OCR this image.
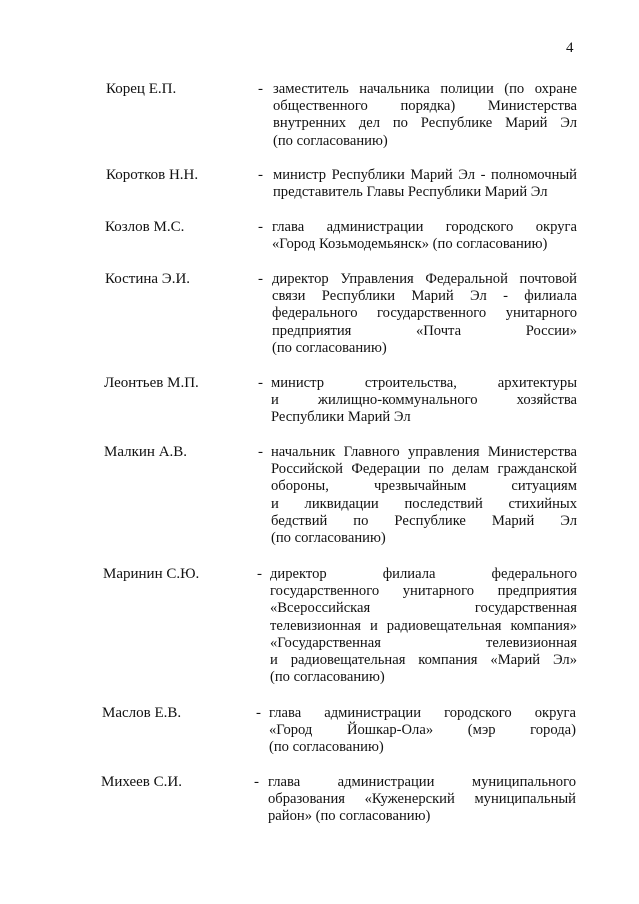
4
Корец Е.П.	- заместитель начальника полиции (по охране
общественного порядка) Министерства
внутренних дел по Республике Марий Эл
(по согласованию)
Коротков Н.Н.	- министр Республики Марий Эл - полномочный
представитель Главы Республики Марий Эл
Козлов М.С.	- глава администрации городского округа
«Город Козьмодемьянск» (по согласованию)
Костина Э.И.	- директор Управления Федеральной почтовой
связи Республики Марий Эл - филиала
федерального государственного унитарного
предприятия «Почта России»
(по согласованию)
Леонтьев М.П.	- министр строительства, архитектуры
и жилищно-коммунального хозяйства
Республики Марий Эл
Малкин А.В.	- начальник Главного управления Министерства
Российской Федерации по делам гражданской
обороны, чрезвычайным ситуациям
и ликвидации последствий стихийных
бедствий по Республике Марий Эл
(по согласованию)
Маринин С.Ю.	- директор филиала федерального
государственного унитарного предприятия
«Всероссийская государственная
телевизионная и радиовещательная компания»
«Государственная телевизионная
и радиовещательная компания «Марий Эл»
(по согласованию)
Маслов Е.В.	- глава администрации городского округа
«Город Йошкар-Ола» (мэр города)
(по согласованию)
Михеев С.И.	- глава администрации муниципального
образования «Куженерский муниципальный
район» (по согласованию)
